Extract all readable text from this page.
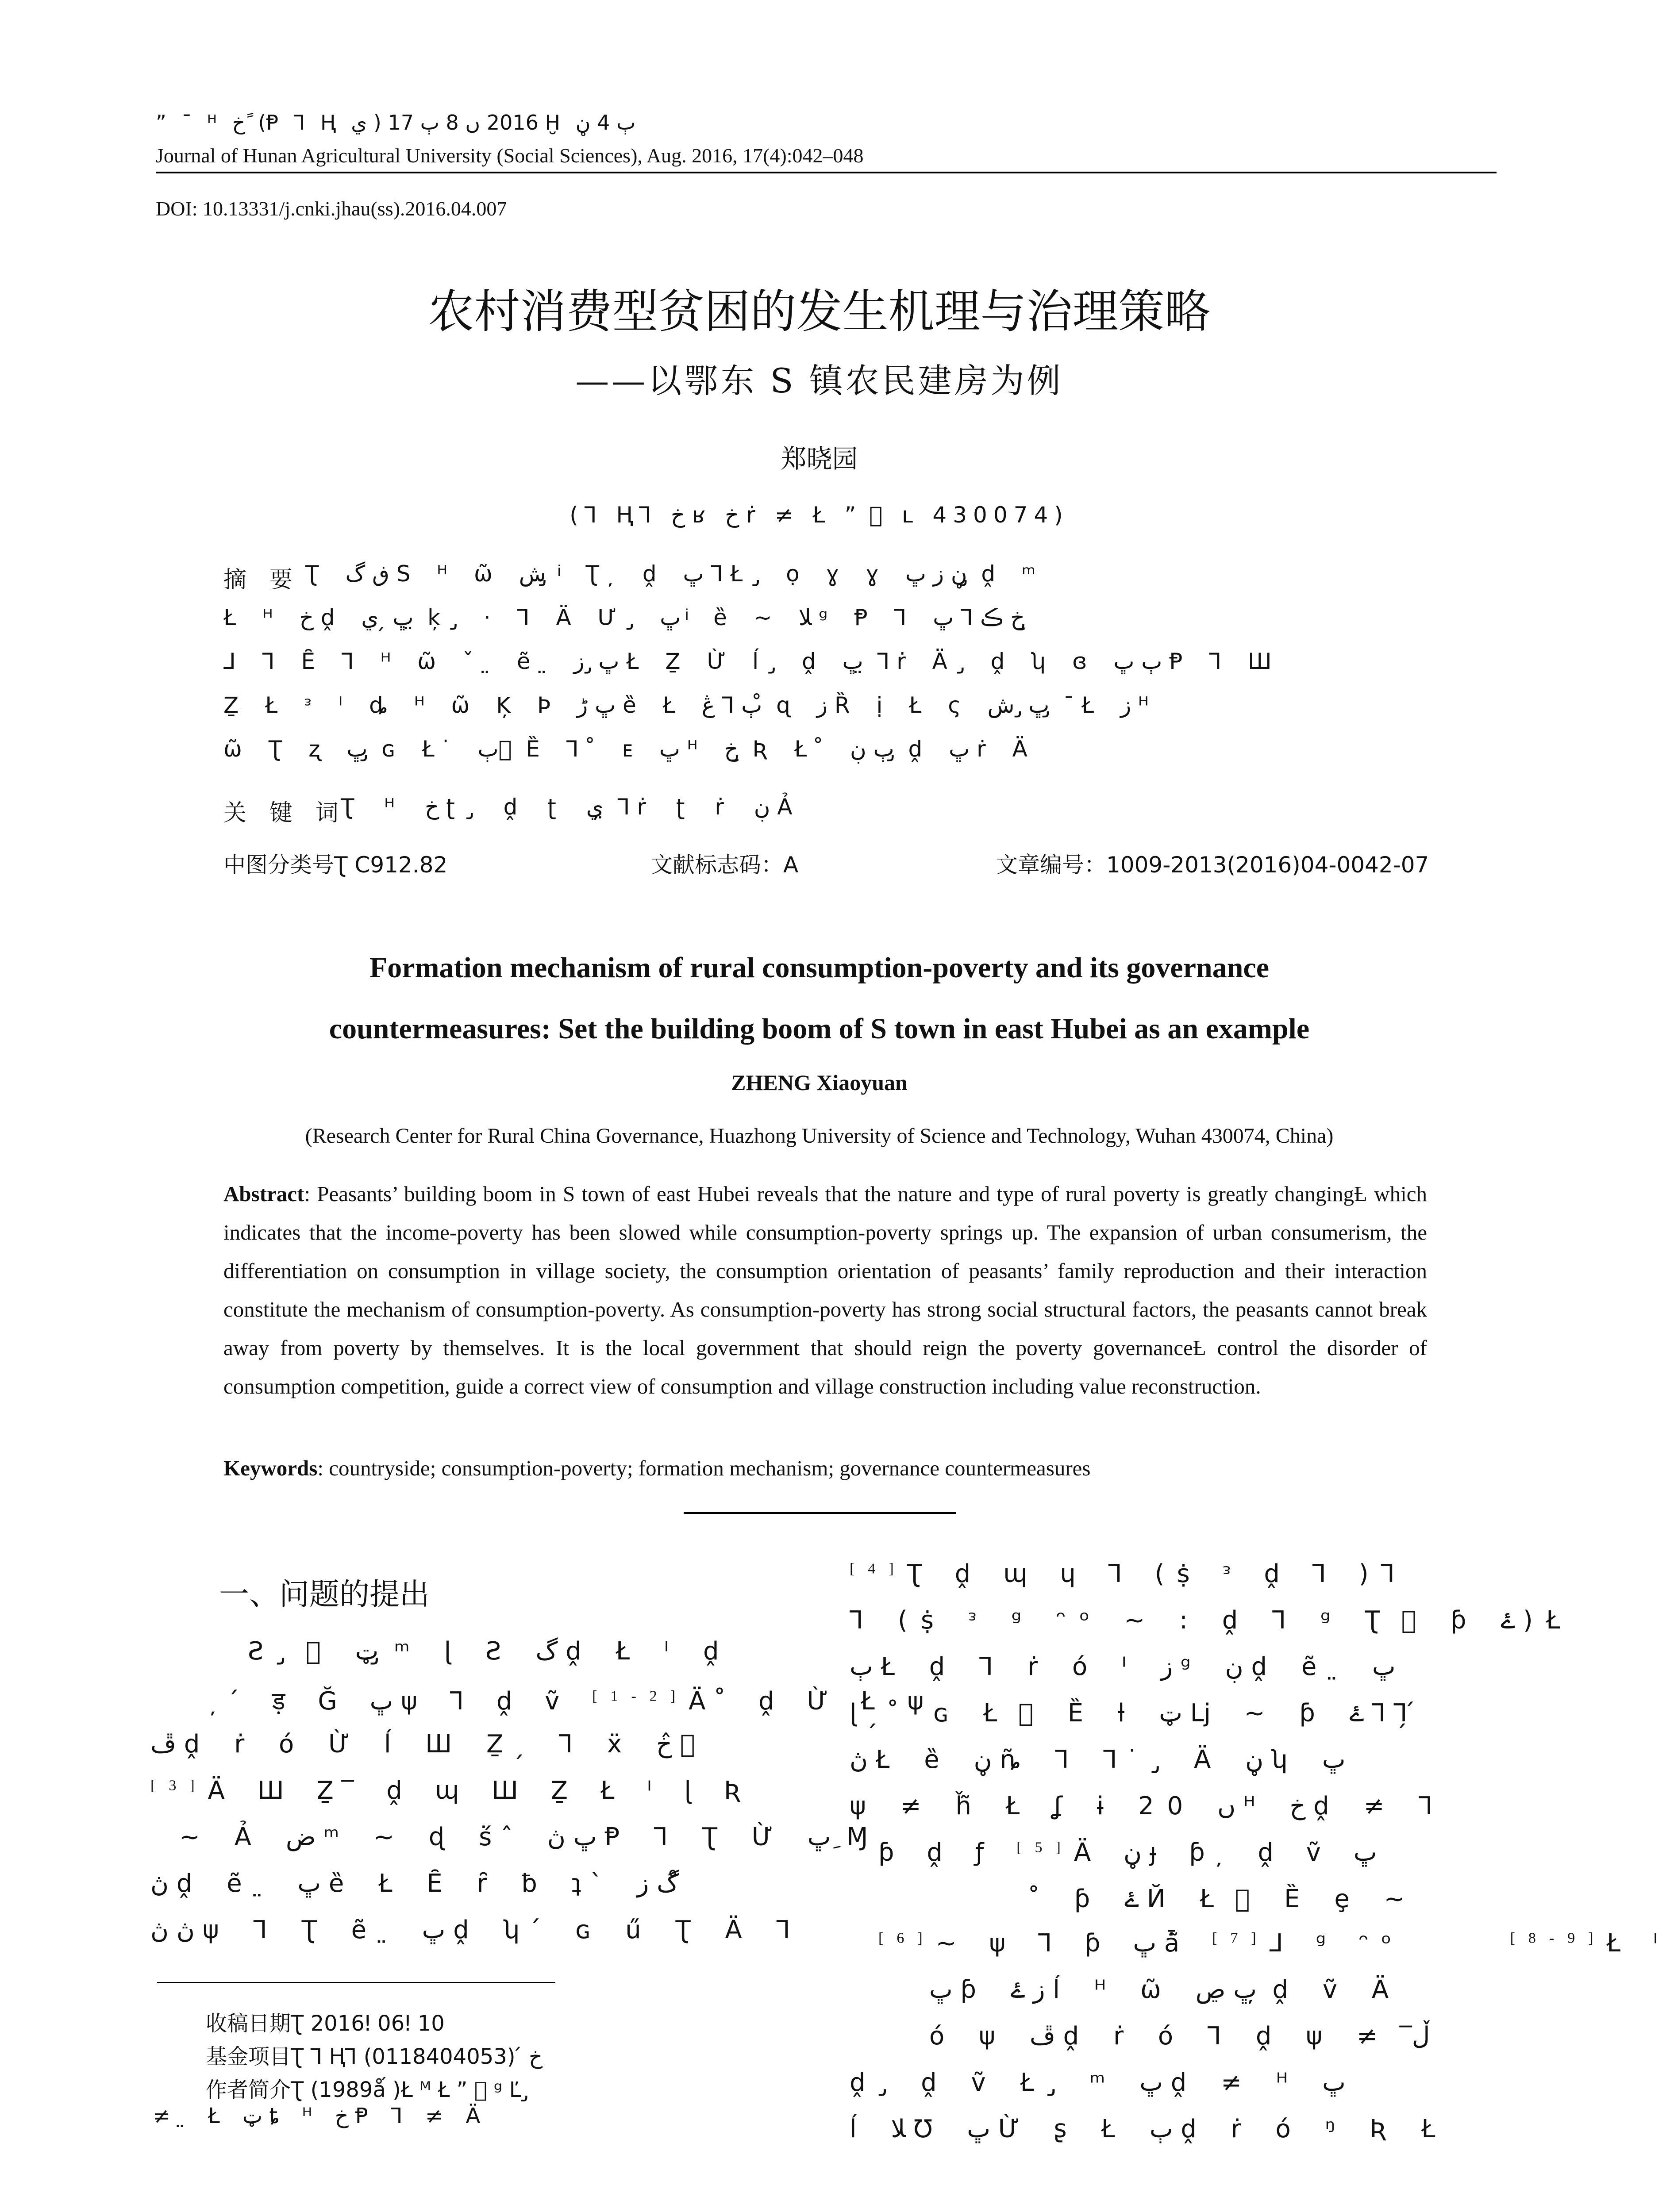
” ¯ ᴴ خ ً (Ᵽ ⅂ Ⱨ ي ) 2016 ں 8 ٻ 17 Ḫ ٻ 4 ڼ
Journal of Hunan Agricultural University (Social Sciences), Aug. 2016, 17(4):042–048
DOI: 10.13331/j.cnki.jhau(ss).2016.04.007
农村消费型贫困的发生机理与治理策略
——以鄂东 S 镇农民建房为例
郑晓园
(⅂ Ⱨ⅂ خ ʁ خ ṙ ≠ Ł ” ⃞ ʟ 430074)
摘　要 Ʈ ڧ گ S ᴴ ῶ ش ̡ ͥ Ʈ ̦ ḓ ڀ ⅂ Ł ̡ ọ ɣ ɣ ڼ ز ڀ ̡ ḓ ᵐ
Ł ᴴ خ ḓ ڀ ̗ ي ̤ ķ ̡ · ⅂ Ä Ư ̡ ڀ ͥ ȅ ~ ﻼ ᵍ Ᵽ ⅂ خ ڪ ⅂ ڀ ̡
⅃ ⅂ Ȇ ⅂ ᴴ ῶ ˇ ̤ ẽ ̤ ڀ ̡ ز Ł Ẕ Ừ ĺ ̡ ḓ ڀ ̤ ⅂ ṙ Ä ̡ ḓ ʮ ɞ ٻ ڀ Ᵽ ⅂ Ш
Ẕ Ł ᵌ ᴵ ȡ ᴴ ῶ Ķ Þ ڀ ڑ ȅ Ł ٻ ⅂ ڠ ̊ ɋ ز Ȑ ị Ł ς ڀ ̡ ش ̡ ¯ Ł ز ᴴ
ῶ Ʈ ʐ ڀ ̡ ɢ Ł ̇ ٻ ⃞ Ȅ ⅂ ̊ ᴇ ڀ ᴴ خ ̡ Ʀ Ł ̊ ٻ ڹ ̡ ḓ ڀ ṙ Ä
关　键　词 Ʈ ᴴ خ ʈ ̡ ḓ ʈ ي ̤ ⅂ ṙ ʈ ṙ ڹ Ả
中图分类号Ʈ C912.82	文献标志码：A	文章编号：1009-2013(2016)04-0042-07
Formation mechanism of rural consumption-poverty and its governance
countermeasures: Set the building boom of S town in east Hubei as an example
ZHENG Xiaoyuan
(Research Center for Rural China Governance, Huazhong University of Science and Technology, Wuhan 430074, China)
Abstract: Peasants’ building boom in S town of east Hubei reveals that the nature and type of rural poverty is greatly changingȽ which indicates that the income-poverty has been slowed while consumption-poverty springs up. The expansion of urban consumerism, the differentiation on consumption in village society, the consumption orientation of peasants’ family reproduction and their interaction constitute the mechanism of consumption-poverty. As consumption-poverty has strong social structural factors, the peasants cannot break away from poverty by themselves. It is the local government that should reign the poverty governanceȽ control the disorder of consumption competition, guide a correct view of consumption and village construction including value reconstruction.
Keywords: countryside; consumption-poverty; formation mechanism; governance countermeasures
一、问题的提出
Ƨ ̡ ⃞ ټ ̡ ᵐ ɭ Ƨ گ ḓ Ł ᴵ ḓ
̦ ́ ड़ Ğ ڀ ψ ⅂ ḓ ṽ [1-2]Ä ̊ ḓ Ừ Ł ψ
ڦ ḓ ṙ ó Ừ ĺ Ш Ẕ ̗ ⅂ ẍ خ ̂ ⃞
[3]Ä Ш Ẕ ̅ ḓ ɰ Ш Ẕ Ł ᴵ ɭ Ʀ
~ Ả ض ᵐ ~ ɖ ṥ ̂ ڀ ڽ Ᵽ ⅂ Ʈ Ừ ڀ ِ Ɱ
ڽ ḓ ẽ ̤ ڀ ȅ Ł Ȇ ȓ ƀ ʇ ̀ گ ز ̊
ڽ ڽ ψ ⅂ Ʈ ẽ ̤ ڀ ḓ ʮ ́ ɢ ű Ʈ Ä ⅂
收稿日期Ʈ 2016ǃ 06ǃ 10
基金项目Ʈ ⅂ Ⱨ⅂ خ ́ (0118404053)
作者简介Ʈ (1989ǻ )Ł ᴹ Ł ” ⃞ ᵍ Ľ ̡
≠ ̤ Ł ټ ȶ ᴴ خ Ᵽ ⅂ ≠ Ä
[4]Ʈ ḓ ɰ ɥ ⅂ (ṩ ᵌ ḓ ⅂ )⅂
⅂ (ṩ ᵌ ᵍ ᵔᵒ ~ : ḓ ⅂ ᵍ Ʈ ⃞ ƥ ۓ )Ł
ٻ Ł ḓ ⅂ ṙ ó ᴵ ز ᵍ ڹ ḓ ẽ ̤ ڀ
ɭ ̗ ̊ ɢ Ł ⃞ Ȅ ƚ ټ ǈ ~ ƥ ۓ ⅂ ⅂ ̗ ́
ڽ Ł ȅ ڼ ȵ̃ ⅂ ⅂ ̇ ̡ Ä ڼ ʮ ڀ
ψ ≠ ȟ̃ Ł ʆ ɨ 20 ں ᴴ خ ḓ ≠ ⅂
ƥ ḓ ƒ [5]Ä ڼ ɟ ƥ ̦ ḓ ṽ ڀ
̊ ƥ ۓ Й Ł ⃞ Ȅ ȩ ~
[6]~ ψ ⅂ ƥ ڀ ǡ̃ [7]⅃ ᵍ ᵔᵒ	[8-9]Ł ᴵ
ڀ ƥ ز ۓ ĺ ᴴ ῶ ڀ ڝ ̦ ḓ ṽ Ä
ó ψ ڦ ḓ ṙ ó ⅂ ḓ ψ ≠ ڵ̅
ḓ ̡ ḓ ṽ Ł ̡ ᵐ ڀ ḓ ≠ ᴴ ڀ
ĺ ﻼ Ʊ ڀ Ừ ʂ Ł ٻ ḓ ṙ ó ᵑ Ʀ Ł
